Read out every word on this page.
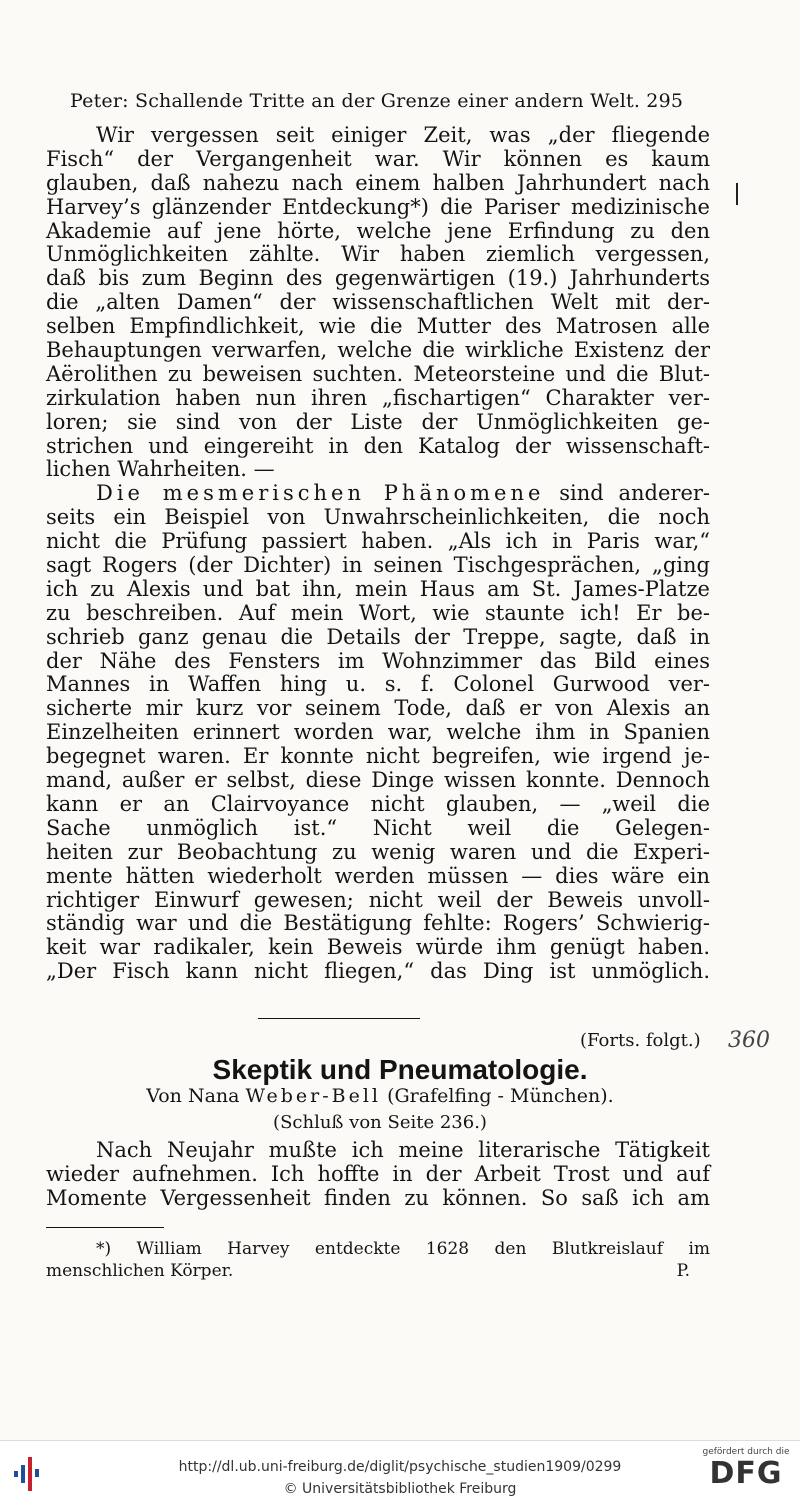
Peter: Schallende Tritte an der Grenze einer andern Welt. 295
Wir vergessen seit einiger Zeit, was „der fliegende
Fisch“ der Vergangenheit war. Wir können es kaum
glauben, daß nahezu nach einem halben Jahrhundert nach
Harvey’s glänzender Entdeckung*) die Pariser medizinische
Akademie auf jene hörte, welche jene Erfindung zu den
Unmöglichkeiten zählte. Wir haben ziemlich vergessen,
daß bis zum Beginn des gegenwärtigen (19.) Jahrhunderts
die „alten Damen“ der wissenschaftlichen Welt mit der-
selben Empfindlichkeit, wie die Mutter des Matrosen alle
Behauptungen verwarfen, welche die wirkliche Existenz der
Aërolithen zu beweisen suchten. Meteorsteine und die Blut-
zirkulation haben nun ihren „fischartigen“ Charakter ver-
loren; sie sind von der Liste der Unmöglichkeiten ge-
strichen und eingereiht in den Katalog der wissenschaft-
lichen Wahrheiten. —
Die mesmerischen Phänomene sind anderer-
seits ein Beispiel von Unwahrscheinlichkeiten, die noch
nicht die Prüfung passiert haben. „Als ich in Paris war,“
sagt Rogers (der Dichter) in seinen Tischgesprächen, „ging
ich zu Alexis und bat ihn, mein Haus am St. James-Platze
zu beschreiben. Auf mein Wort, wie staunte ich! Er be-
schrieb ganz genau die Details der Treppe, sagte, daß in
der Nähe des Fensters im Wohnzimmer das Bild eines
Mannes in Waffen hing u. s. f. Colonel Gurwood ver-
sicherte mir kurz vor seinem Tode, daß er von Alexis an
Einzelheiten erinnert worden war, welche ihm in Spanien
begegnet waren. Er konnte nicht begreifen, wie irgend je-
mand, außer er selbst, diese Dinge wissen konnte. Dennoch
kann er an Clairvoyance nicht glauben, — „weil die
Sache unmöglich ist.“ Nicht weil die Gelegen-
heiten zur Beobachtung zu wenig waren und die Experi-
mente hätten wiederholt werden müssen — dies wäre ein
richtiger Einwurf gewesen; nicht weil der Beweis unvoll-
ständig war und die Bestätigung fehlte: Rogers’ Schwierig-
keit war radikaler, kein Beweis würde ihm genügt haben.
„Der Fisch kann nicht fliegen,“ das Ding ist unmöglich.
(Forts. folgt.) 360
Skeptik und Pneumatologie.
Von Nana Weber-Bell (Grafelfing - München).
(Schluß von Seite 236.)
Nach Neujahr mußte ich meine literarische Tätigkeit
wieder aufnehmen. Ich hoffte in der Arbeit Trost und auf
Momente Vergessenheit finden zu können. So saß ich am
*) William Harvey entdeckte 1628 den Blutkreislauf im
menschlichen Körper.	P.
http://dl.ub.uni-freiburg.de/diglit/psychische_studien1909/0299
© Universitätsbibliothek Freiburg
gefördert durch die
DFG
